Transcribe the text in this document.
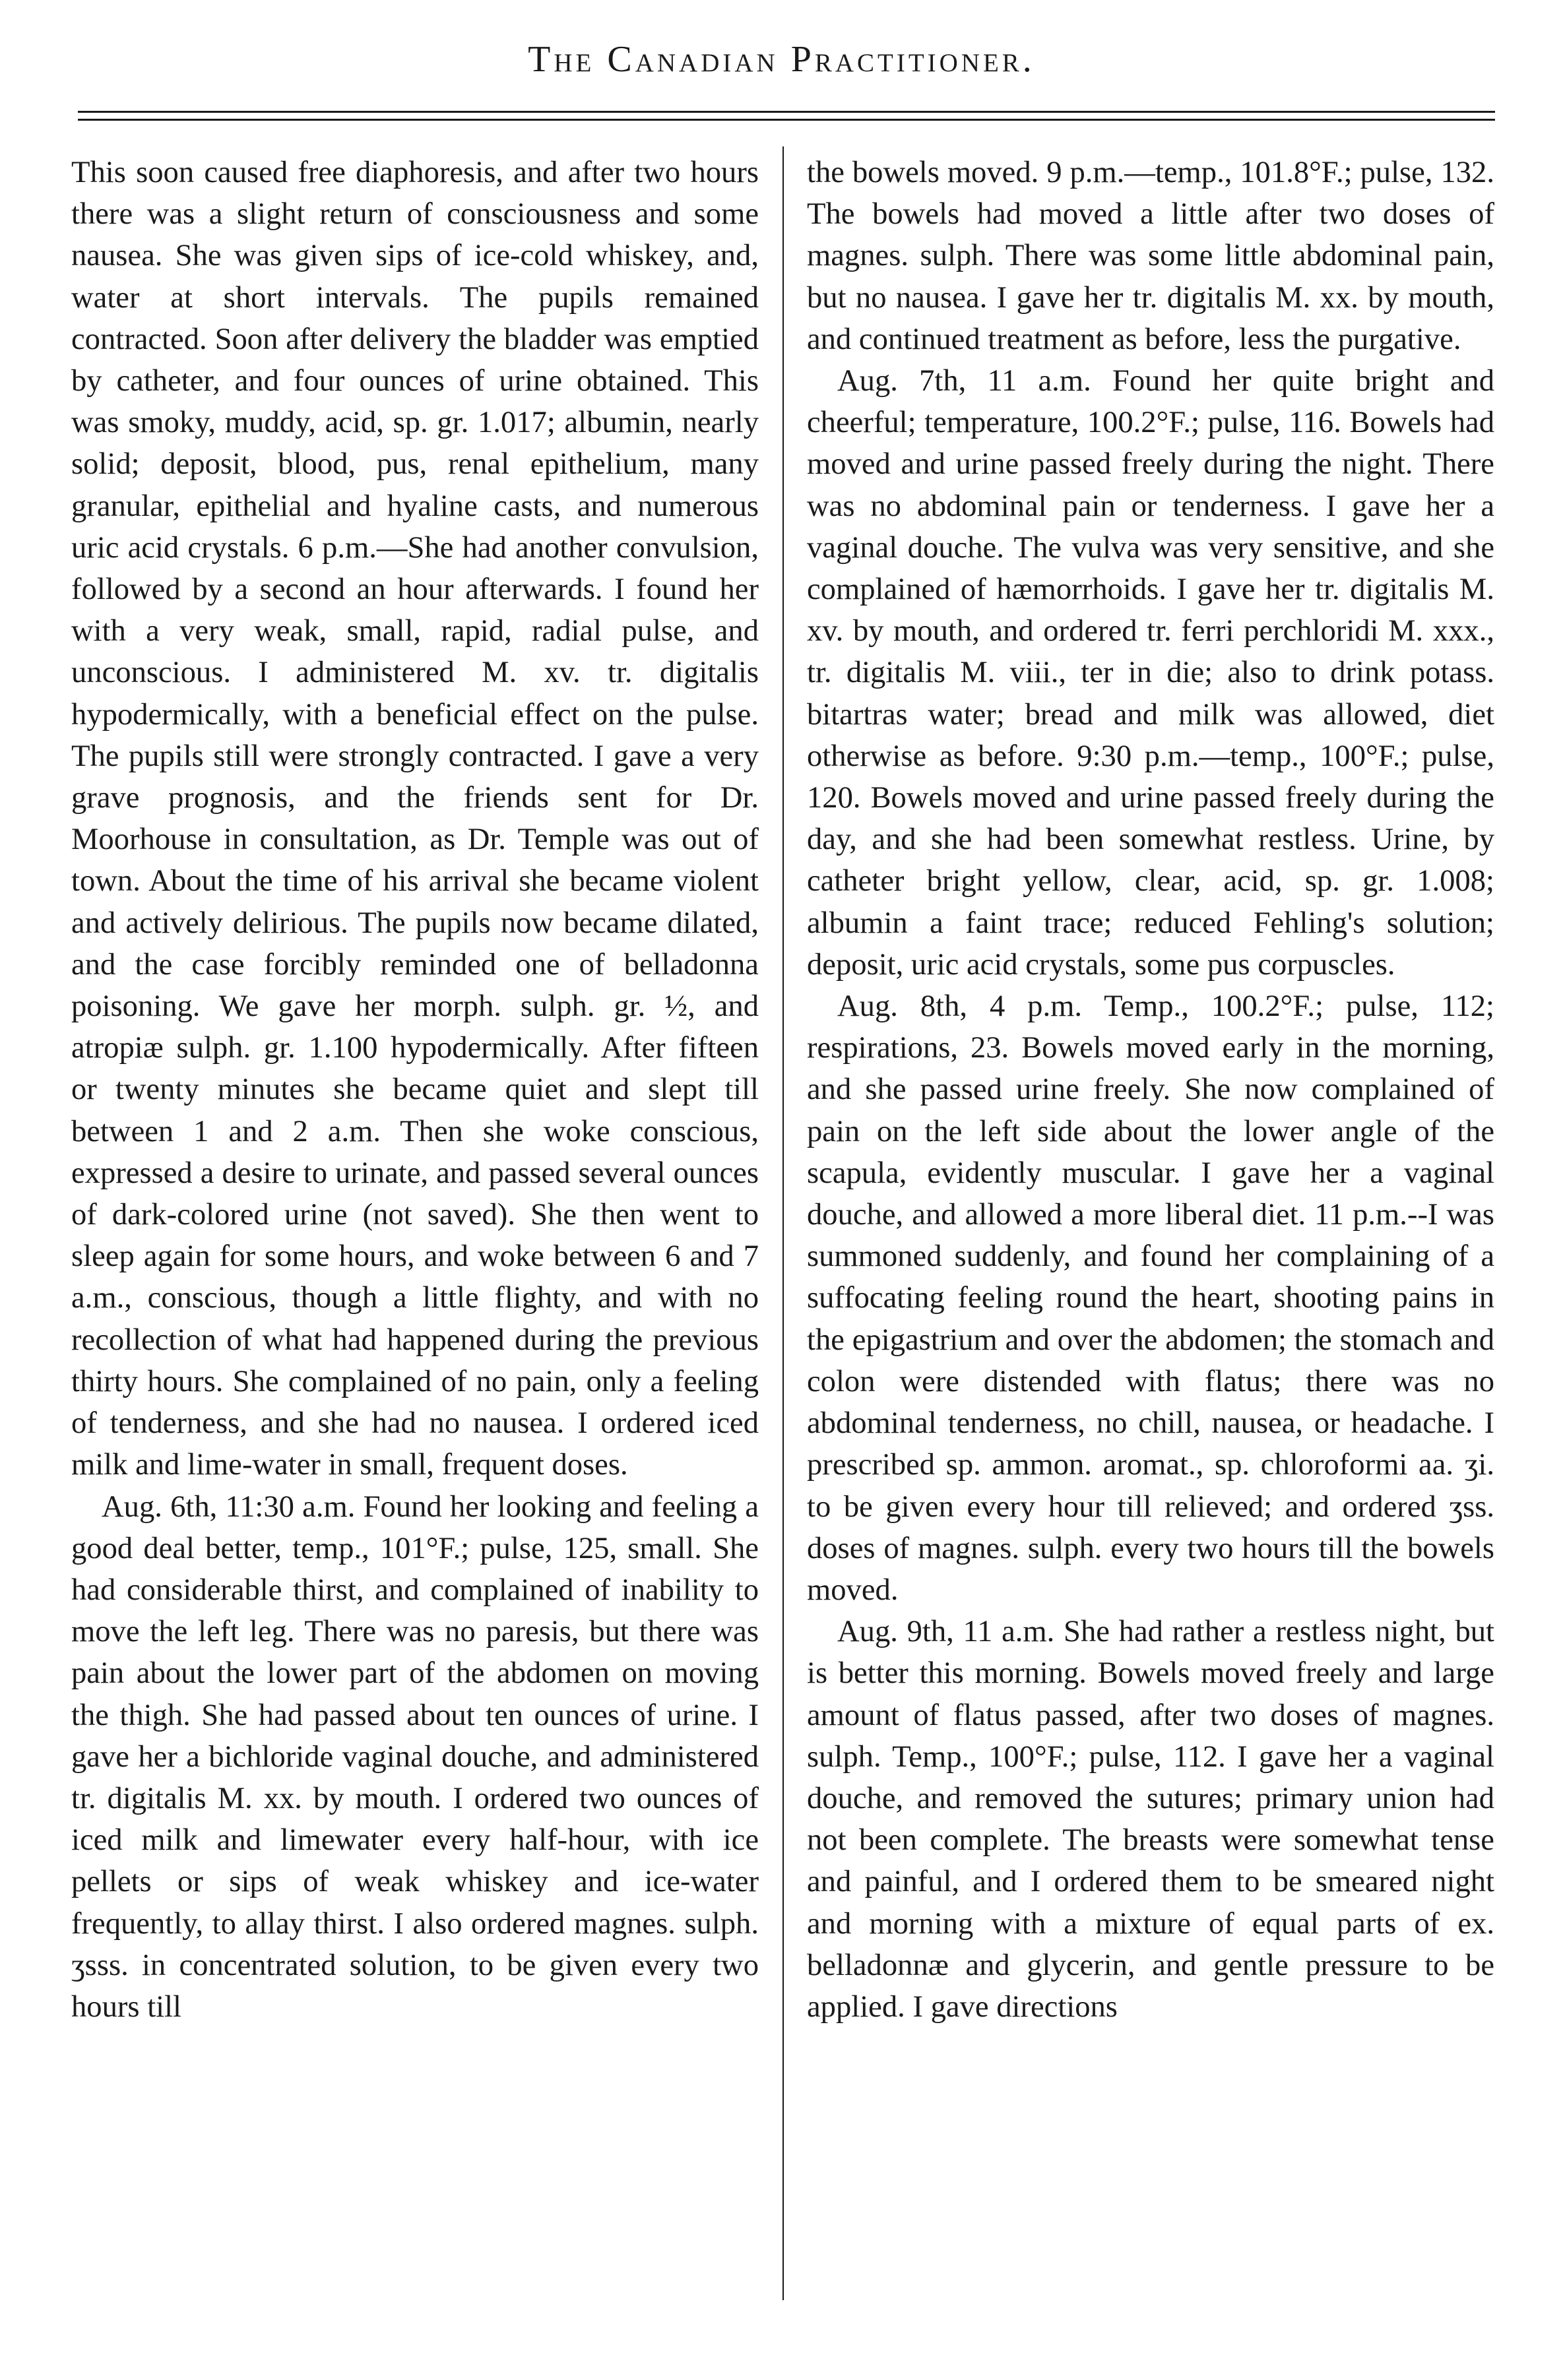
The Canadian Practitioner.

This soon caused free diaphoresis, and after two hours there was a slight return of consciousness and some nausea. She was given sips of ice-cold whiskey, and, water at short intervals. The pupils remained contracted. Soon after delivery the bladder was emptied by catheter, and four ounces of urine obtained. This was smoky, muddy, acid, sp. gr. 1.017; albumin, nearly solid; deposit, blood, pus, renal epithelium, many granular, epithelial and hyaline casts, and numerous uric acid crystals. 6 p.m.—She had another convulsion, followed by a second an hour afterwards. I found her with a very weak, small, rapid, radial pulse, and unconscious. I administered M. xv. tr. digitalis hypodermically, with a beneficial effect on the pulse. The pupils still were strongly contracted. I gave a very grave prognosis, and the friends sent for Dr. Moorhouse in consultation, as Dr. Temple was out of town. About the time of his arrival she became violent and actively delirious. The pupils now became dilated, and the case forcibly reminded one of belladonna poisoning. We gave her morph. sulph. gr. ½, and atropiæ sulph. gr. 1.100 hypodermically. After fifteen or twenty minutes she became quiet and slept till between 1 and 2 a.m. Then she woke conscious, expressed a desire to urinate, and passed several ounces of dark-colored urine (not saved). She then went to sleep again for some hours, and woke between 6 and 7 a.m., conscious, though a little flighty, and with no recollection of what had happened during the previous thirty hours. She complained of no pain, only a feeling of tenderness, and she had no nausea. I ordered iced milk and lime-water in small, frequent doses.

Aug. 6th, 11:30 a.m. Found her looking and feeling a good deal better, temp., 101°F.; pulse, 125, small. She had considerable thirst, and complained of inability to move the left leg. There was no paresis, but there was pain about the lower part of the abdomen on moving the thigh. She had passed about ten ounces of urine. I gave her a bichloride vaginal douche, and administered tr. digitalis M. xx. by mouth. I ordered two ounces of iced milk and limewater every half-hour, with ice pellets or sips of weak whiskey and ice-water frequently, to allay thirst. I also ordered magnes. sulph. ʒsss. in concentrated solution, to be given every two hours till

the bowels moved. 9 p.m.—temp., 101.8°F.; pulse, 132. The bowels had moved a little after two doses of magnes. sulph. There was some little abdominal pain, but no nausea. I gave her tr. digitalis M. xx. by mouth, and continued treatment as before, less the purgative.

Aug. 7th, 11 a.m. Found her quite bright and cheerful; temperature, 100.2°F.; pulse, 116. Bowels had moved and urine passed freely during the night. There was no abdominal pain or tenderness. I gave her a vaginal douche. The vulva was very sensitive, and she complained of hæmorrhoids. I gave her tr. digitalis M. xv. by mouth, and ordered tr. ferri perchloridi M. xxx., tr. digitalis M. viii., ter in die; also to drink potass. bitartras water; bread and milk was allowed, diet otherwise as before. 9:30 p.m.—temp., 100°F.; pulse, 120. Bowels moved and urine passed freely during the day, and she had been somewhat restless. Urine, by catheter bright yellow, clear, acid, sp. gr. 1.008; albumin a faint trace; reduced Fehling's solution; deposit, uric acid crystals, some pus corpuscles.

Aug. 8th, 4 p.m. Temp., 100.2°F.; pulse, 112; respirations, 23. Bowels moved early in the morning, and she passed urine freely. She now complained of pain on the left side about the lower angle of the scapula, evidently muscular. I gave her a vaginal douche, and allowed a more liberal diet. 11 p.m.--I was summoned suddenly, and found her complaining of a suffocating feeling round the heart, shooting pains in the epigastrium and over the abdomen; the stomach and colon were distended with flatus; there was no abdominal tenderness, no chill, nausea, or headache. I prescribed sp. ammon. aromat., sp. chloroformi aa. ʒi. to be given every hour till relieved; and ordered ʒss. doses of magnes. sulph. every two hours till the bowels moved.

Aug. 9th, 11 a.m. She had rather a restless night, but is better this morning. Bowels moved freely and large amount of flatus passed, after two doses of magnes. sulph. Temp., 100°F.; pulse, 112. I gave her a vaginal douche, and removed the sutures; primary union had not been complete. The breasts were somewhat tense and painful, and I ordered them to be smeared night and morning with a mixture of equal parts of ex. belladonnæ and glycerin, and gentle pressure to be applied. I gave directions
